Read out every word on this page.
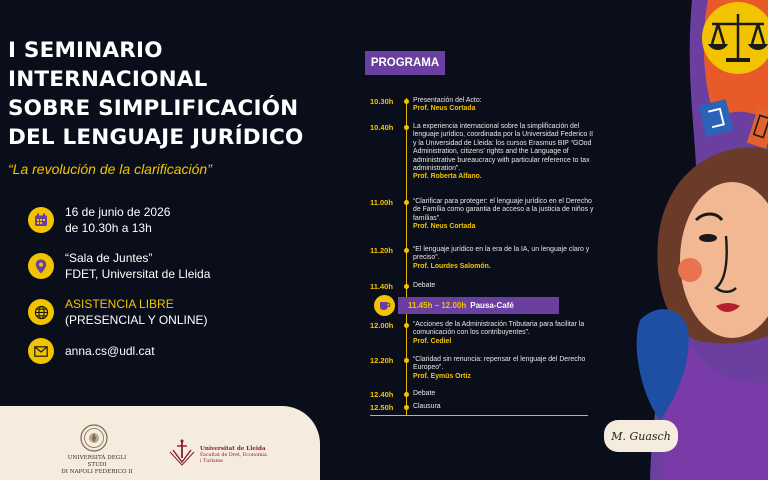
I SEMINARIO
INTERNACIONAL
SOBRE SIMPLIFICACIÓN
DEL LENGUAJE JURÍDICO
“La revolución de la clarificación”
16 de junio de 2026
de 10.30h a 13h
“Sala de Juntes”
FDET, Universitat de Lleida
ASISTENCIA LIBRE
(PRESENCIAL Y ONLINE)
anna.cs@udl.cat
UNIVERSITÀ DEGLI STUDI
DI NAPOLI FEDERICO II
Universitat de Lleida
Facultat de Dret, Economia
i Turisme
PROGRAMA
10.30h	Presentación del Acto:
Prof. Neus Cortada
10.40h	La experiencia internacional sobre la simplificación del lenguaje jurídico, coordinada por la Universidad Federico II y la Universidad de Lleida: los cursos Erasmus BIP “GOod Administration, citizens' rights and the Language of administrative bureaucracy with particular reference to tax administration”.
Prof. Roberta Alfano.
11.00h	“Clarificar para proteger: el lenguaje jurídico en el Derecho de Família como garantia de acceso a la justicia de niños y famílias”.
Prof. Neus Cortada
11.20h	“El lenguaje jurídico en la era de la IA, un lenguaje claro y preciso”.
Prof. Lourdes Salomón.
11.40h	Debate
11.45h – 12.00h Pausa-Café
12.00h	“Acciones de la Administración Tributaria para facilitar la comunicación con los contribuyentes”.
Prof. Cediel
12.20h	“Claridad sin renuncia: repensar el lenguaje del Derecho Europeo”.
Prof. Eymüs Ortiz
12.40h	Debate
12.50h	Clausura
M. Guasch
